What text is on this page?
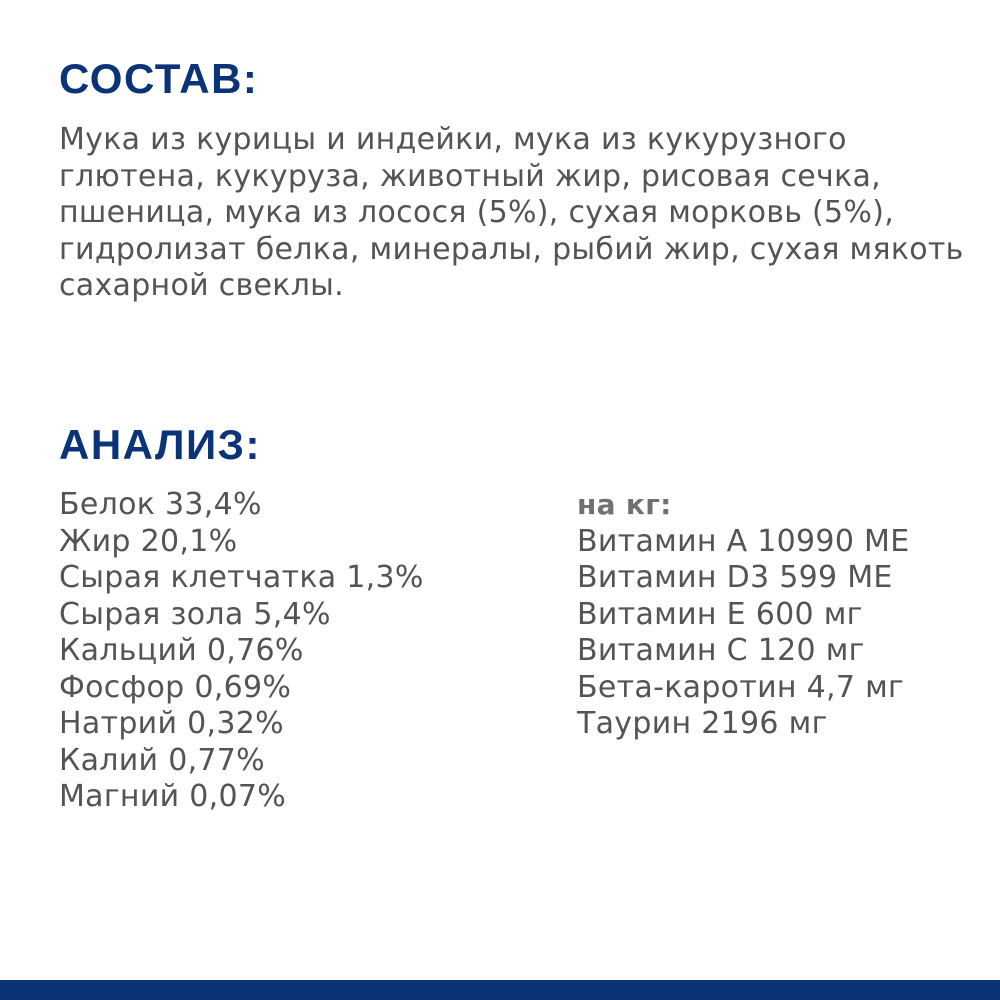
СОСТАВ:

Мука из курицы и индейки, мука из кукурузного глютена, кукуруза, животный жир, рисовая сечка, пшеница, мука из лосося (5%), сухая морковь (5%), гидролизат белка, минералы, рыбий жир, сухая мякоть сахарной свеклы.

АНАЛИЗ:
Белок 33,4%
Жир 20,1%
Сырая клетчатка 1,3%
Сырая зола 5,4%
Кальций 0,76%
Фосфор 0,69%
Натрий 0,32%
Калий 0,77%
Магний 0,07%
на кг:
Витамин A 10990 МЕ
Витамин D3 599 МЕ
Витамин E 600 мг
Витамин C 120 мг
Бета-каротин 4,7 мг
Таурин 2196 мг
